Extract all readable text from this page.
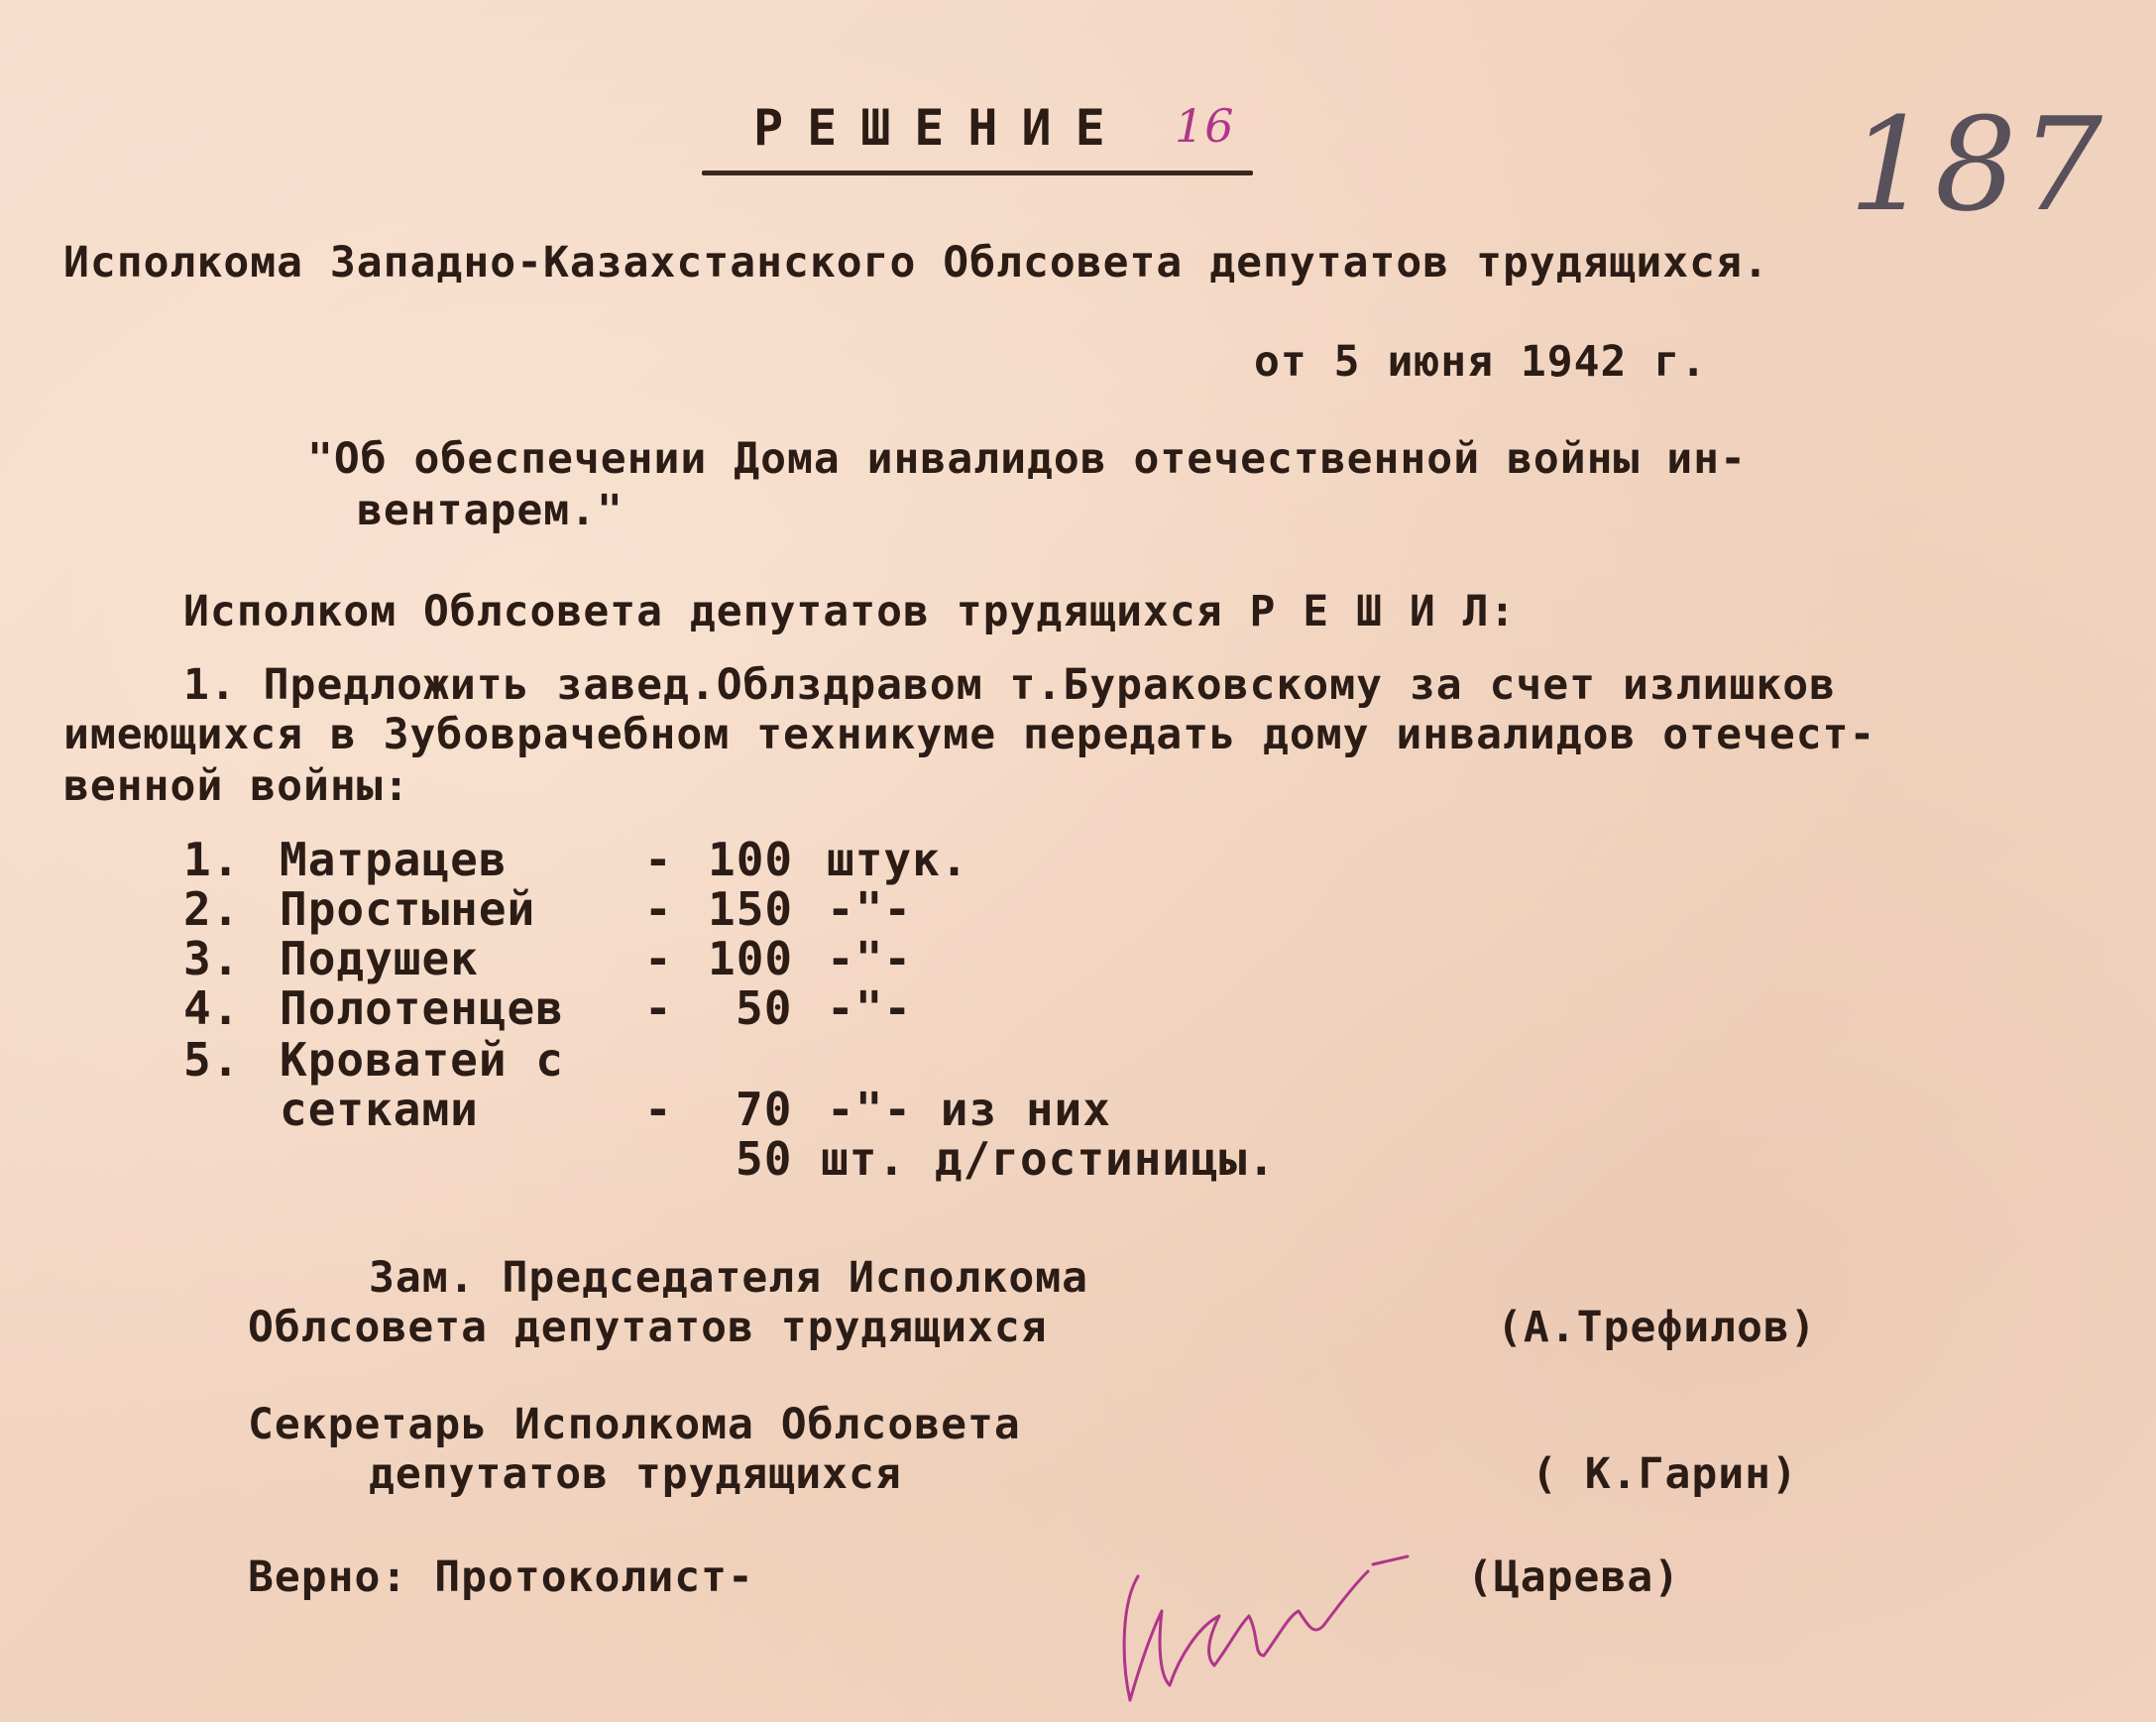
РЕШЕНИЕ 16	187
Исполкома Западно-Казахстанского Облсовета депутатов трудящихся.
от 5 июня 1942 г.
"Об обеспечении Дома инвалидов отечественной войны ин-
вентарем."
Исполком Облсовета депутатов трудящихся Р Е Ш И Л:
1. Предложить завед.Облздравом т.Бураковскому за счет излишков
имеющихся в Зубоврачебном техникуме передать дому инвалидов отечест-
венной войны:
1. Матрацев	- 100 штук.
2. Простыней - 150 -"-
3. Подушек	- 100 -"-
4. Полотенцев - 50 -"-
5. Кроватей с
сетками	- 70 -"- из них
50 шт. д/гостиницы.
Зам. Председателя Исполкома
Облсовета депутатов трудящихся	(А.Трефилов)
Секретарь Исполкома Облсовета
депутатов трудящихся	( К.Гарин)
Верно: Протоколист-	(Царева)
